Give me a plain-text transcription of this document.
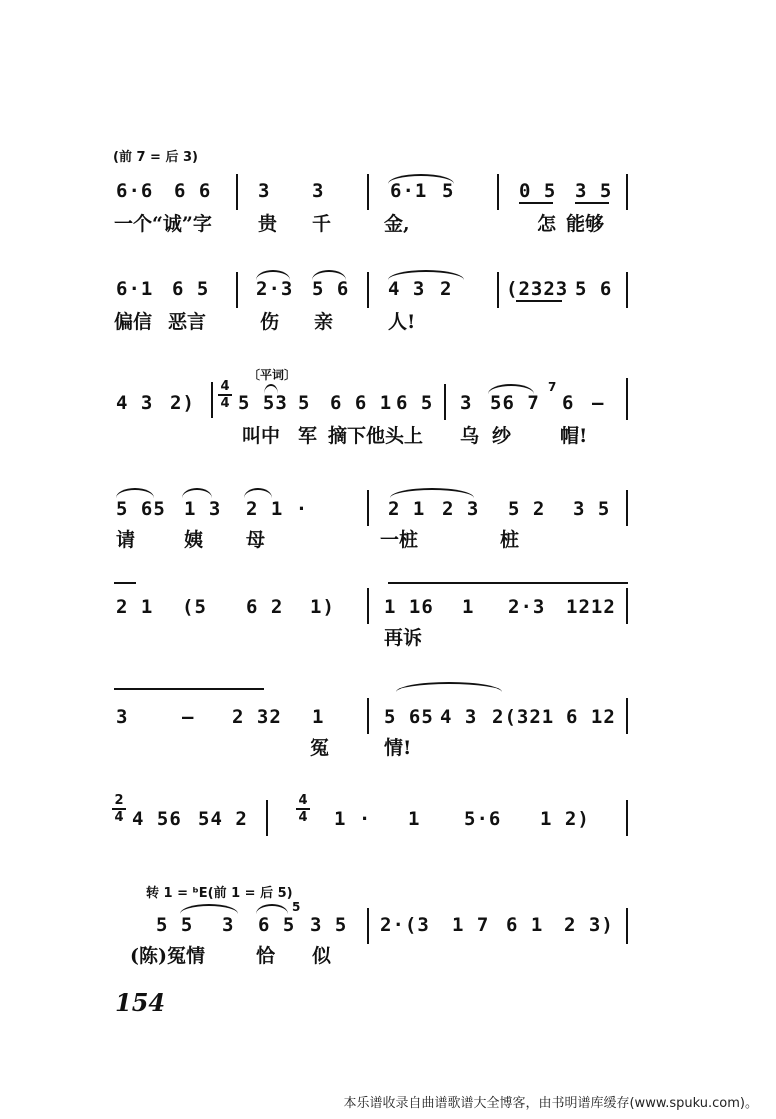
(前 7 = 后 3)
6·6 6 6 3 3	6·1 5	0 5 3 5
一个“诚”字 贵 千	金,	怎 能够
6·1 6 5 2·3 5 6 4 3 2	(2323 5 6
偏信 恶言	伤 亲	人!
〔平词〕
4 3 2)
4
4 5 53 5 6 6 1 6 5 3 56 7
7
6 —
叫中 军 摘下他头上 乌 纱	帽!
5 65 1 3 2 1 ·	2 1 2 3 5 2 3 5
请	姨 母	一桩	桩
2 1 (5 6 2 1)	1 16 1 2·3 1212
再诉
3	— 2 32 1	5 65 4 3 2(321 6 12
冤	情!
2
4 4 56 54 2
4
4 1 · 1 5·6 1 2)
转 1 = ᵇE(前 1 = 后 5)
5 5 3 6 5
5
3 5 2·(3 1 7 6 1 2 3)
(陈)冤情	恰 似
154
本乐谱收录自曲谱歌谱大全博客，由书明谱库缓存(www.spuku.com)。
